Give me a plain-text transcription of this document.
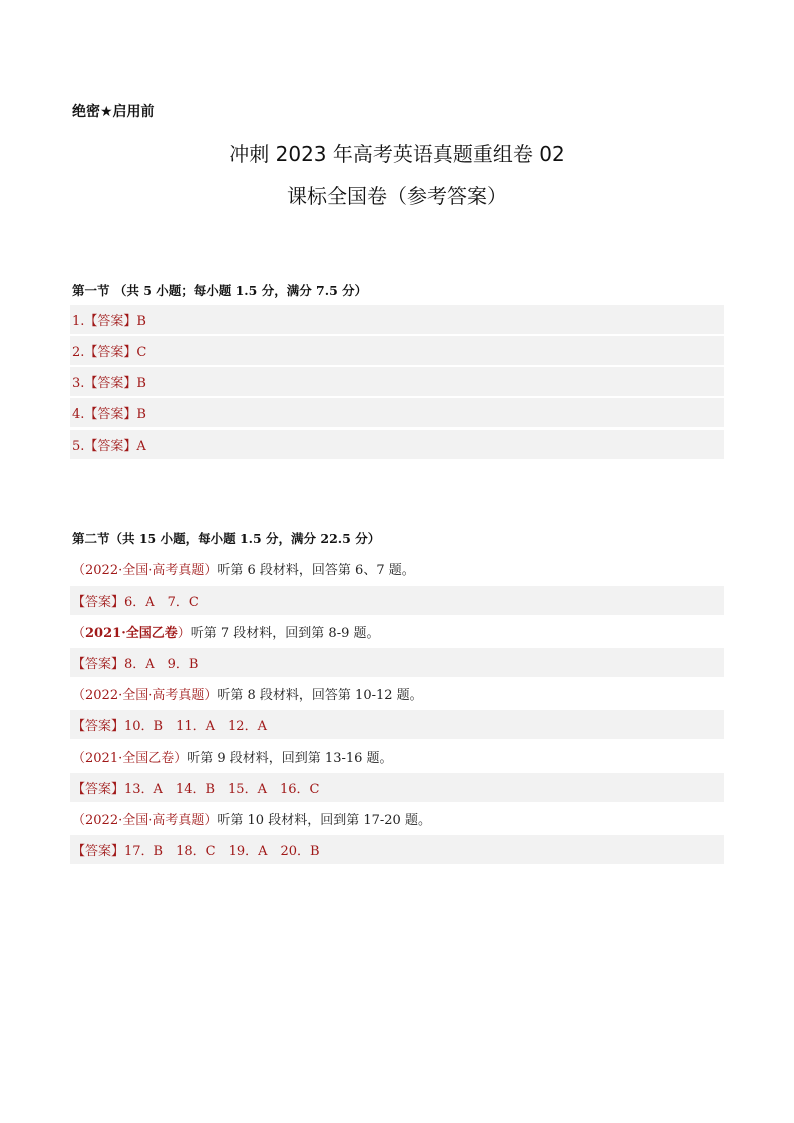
绝密★启用前
冲刺 2023 年高考英语真题重组卷 02
课标全国卷（参考答案）
第一节 （共 5 小题；每小题 1.5 分，满分 7.5 分）
1.【答案】B
2.【答案】C
3.【答案】B
4.【答案】B
5.【答案】A
第二节（共 15 小题，每小题 1.5 分，满分 22.5 分）
（ 2022·全国·高考真题 ） 听第 6 段材料，回答第 6、7 题。
【答案】6．A　7．C
（ 2021·全国乙卷 ） 听第 7 段材料，回到第 8-9 题。
【答案】8．A　9．B
（ 2022·全国·高考真题 ） 听第 8 段材料，回答第 10-12 题。
【答案】10．B　11．A　12．A
（ 2021·全国乙卷 ） 听第 9 段材料，回到第 13-16 题。
【答案】13．A　14．B　15．A　16．C
（ 2022·全国·高考真题 ） 听第 10 段材料，回到第 17-20 题。
【答案】17．B　18．C　19．A　20．B
